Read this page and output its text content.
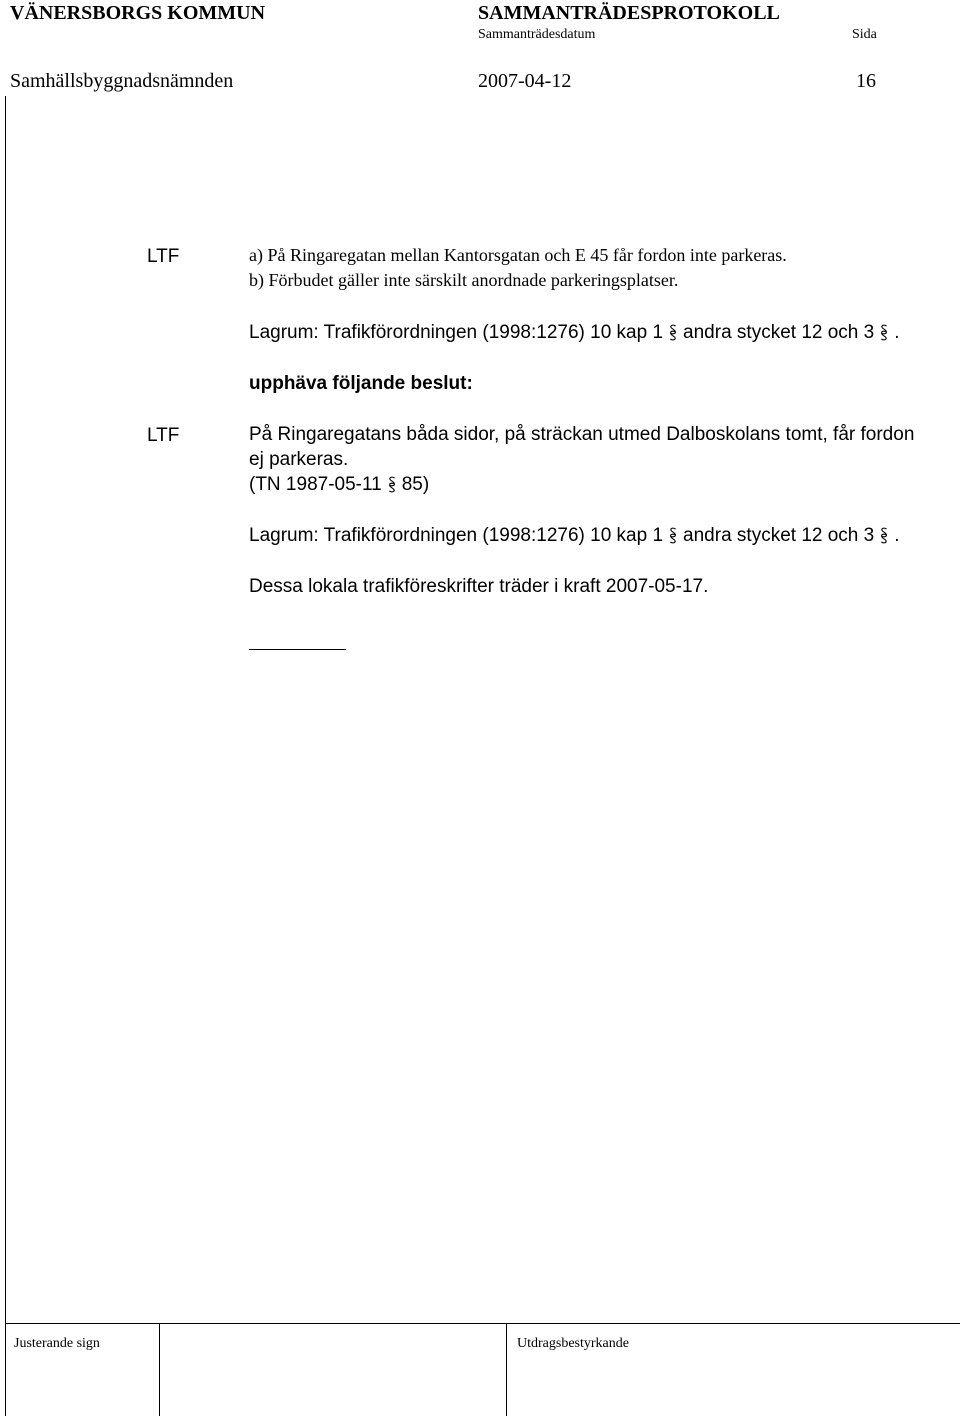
VÄNERSBORGS KOMMUN	SAMMANTRÄDESPROTOKOLL
Sammanträdesdatum	Sida
Samhällsbyggnadsnämnden	2007-04-12	16
LTF	a) På Ringaregatan mellan Kantorsgatan och E 45 får fordon inte parkeras.
b) Förbudet gäller inte särskilt anordnade parkeringsplatser.
Lagrum: Trafikförordningen (1998:1276) 10 kap 1 andra stycket 12 och 3 .
upphäva följande beslut:
LTF	På Ringaregatans båda sidor, på sträckan utmed Dalboskolans tomt, får fordon
ej parkeras.
(TN 1987-05-11 85)
Lagrum: Trafikförordningen (1998:1276) 10 kap 1 andra stycket 12 och 3 .
Dessa lokala trafikföreskrifter träder i kraft 2007-05-17.
Justerande sign	Utdragsbestyrkande
